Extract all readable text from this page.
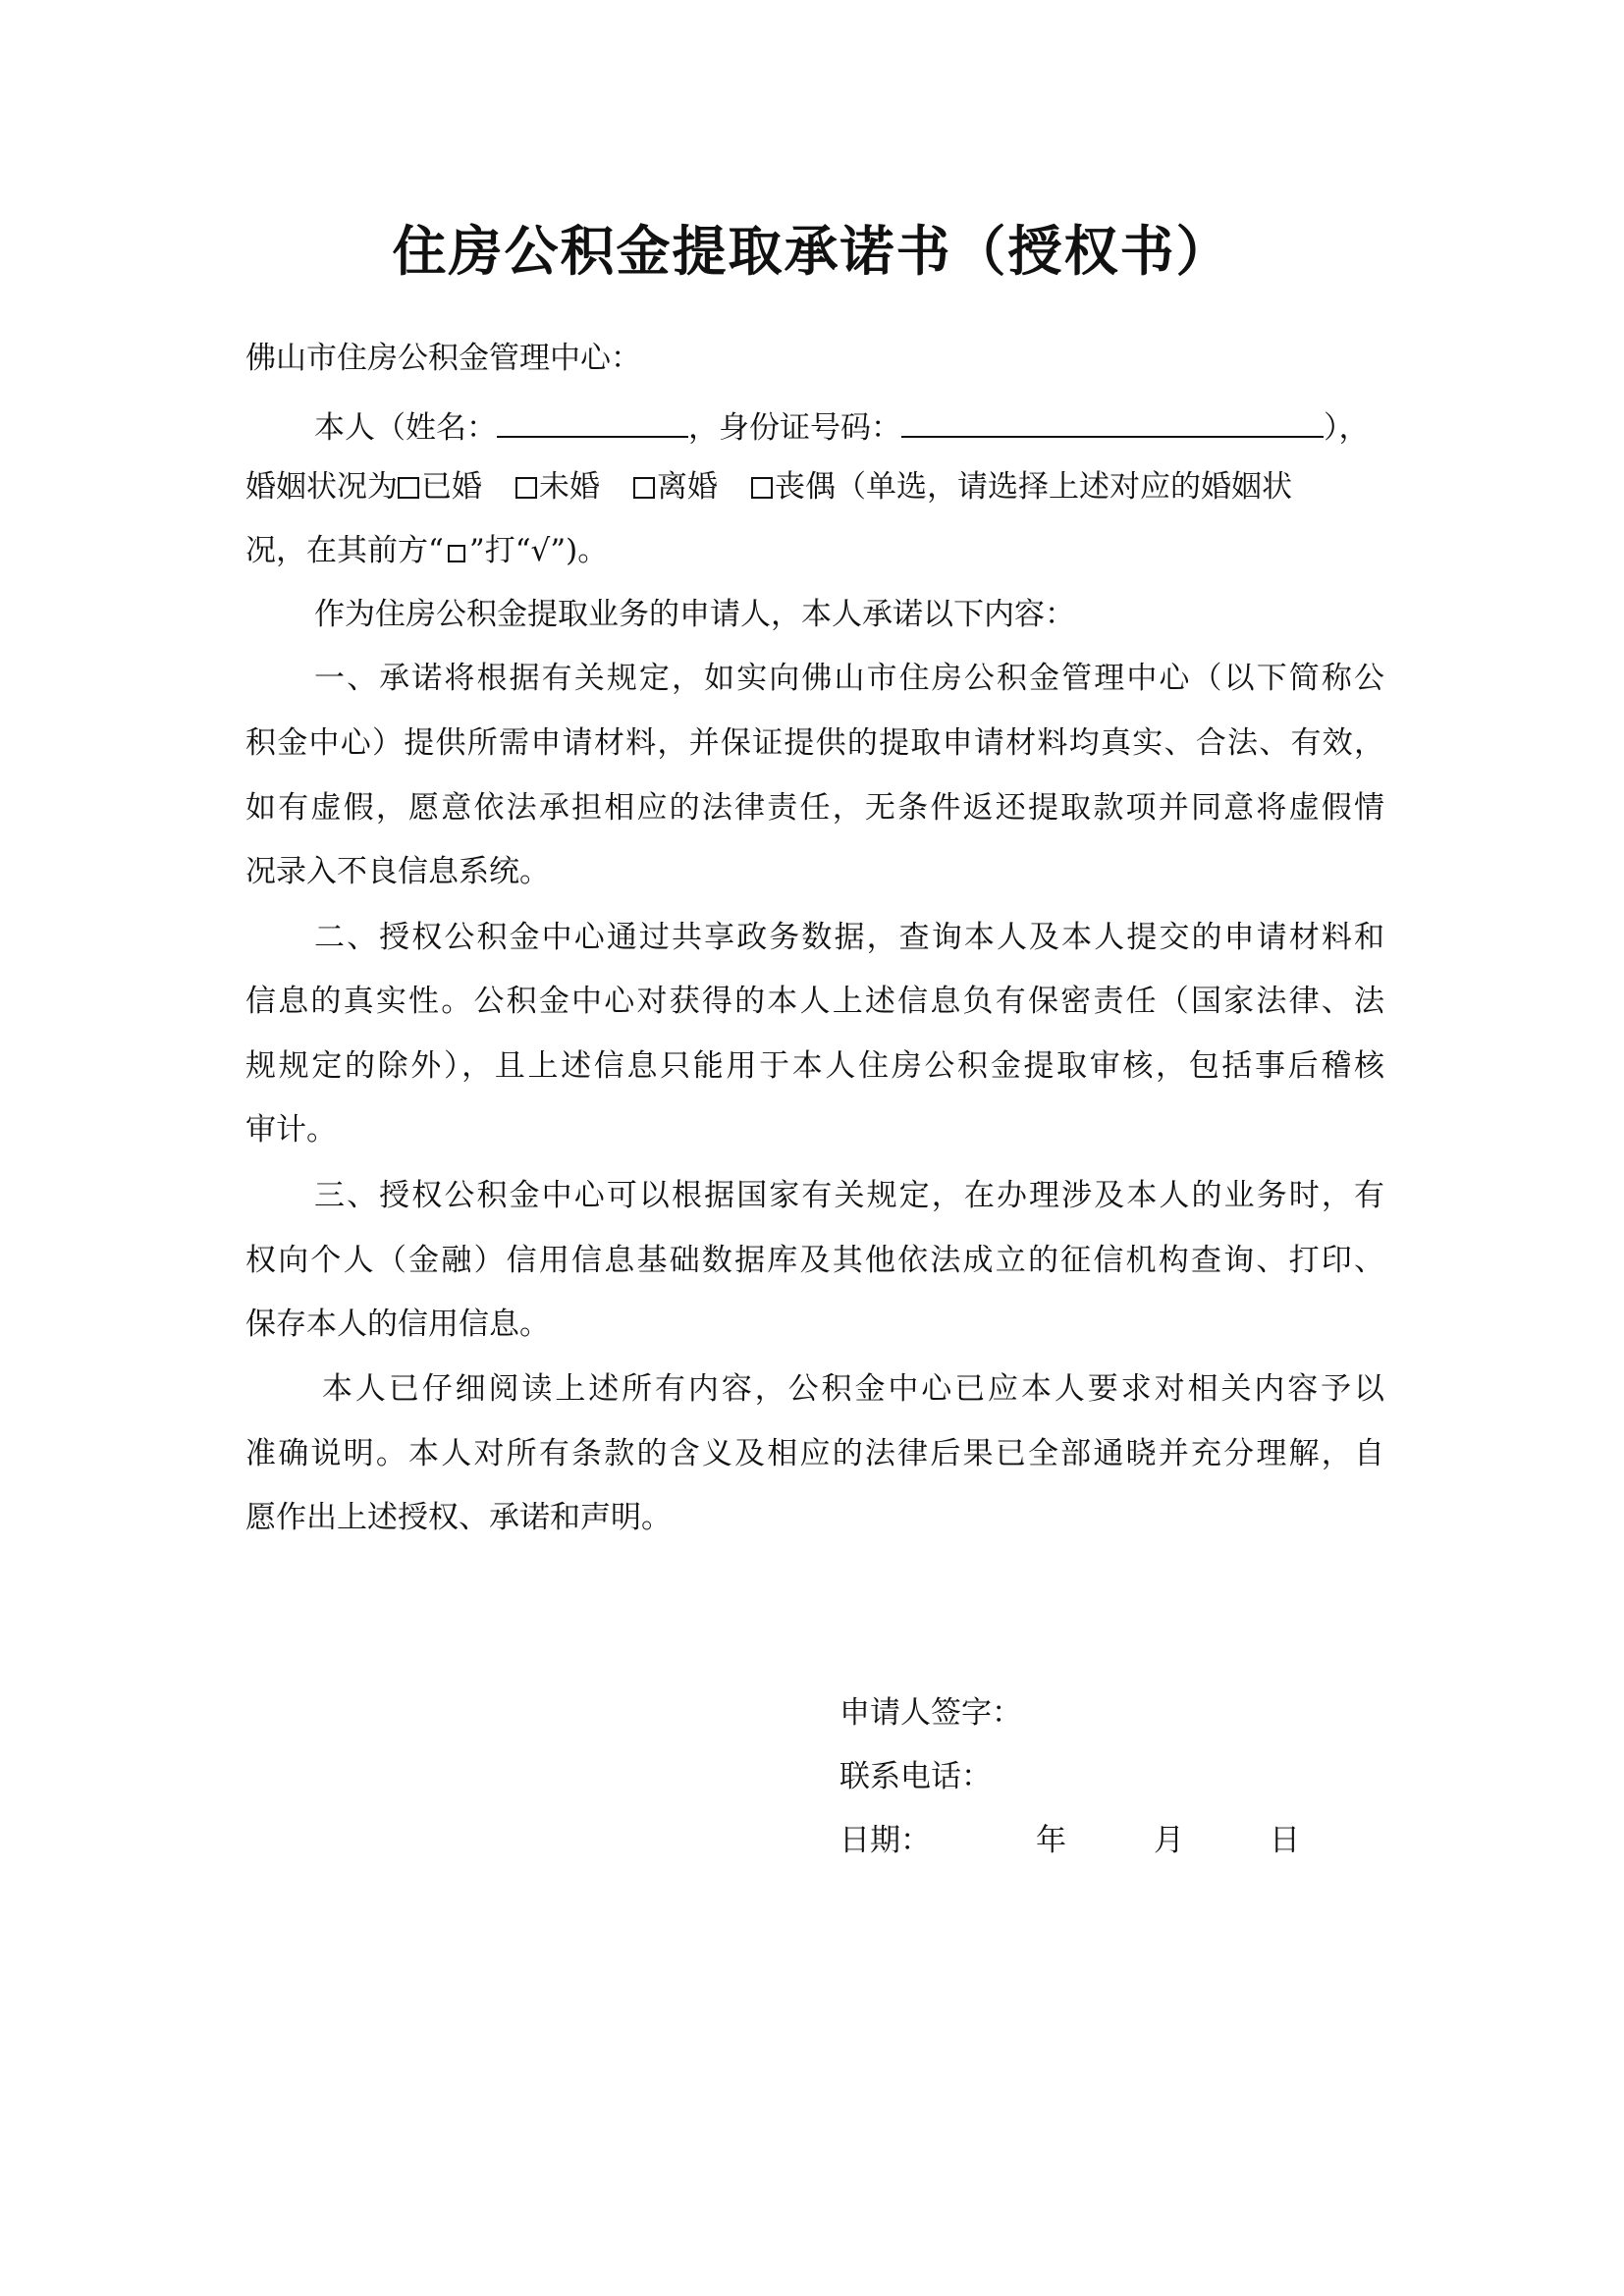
住房公积金提取承诺书（授权书）
佛山市住房公积金管理中心：
本人（姓名：	，身份证号码：	），
婚姻状况为 已婚 未婚 离婚 丧偶（单选，请选择上述对应的婚姻状
况，在其前方“ ”打“√”)。
作为住房公积金提取业务的申请人，本人承诺以下内容：
一、承诺将根据有关规定，如实向佛山市住房公积金管理中心（以下简称公
积金中心）提供所需申请材料，并保证提供的提取申请材料均真实、合法、有效，
如有虚假，愿意依法承担相应的法律责任，无条件返还提取款项并同意将虚假情
况录入不良信息系统。
二、授权公积金中心通过共享政务数据，查询本人及本人提交的申请材料和
信息的真实性。公积金中心对获得的本人上述信息负有保密责任（国家法律、法
规规定的除外），且上述信息只能用于本人住房公积金提取审核，包括事后稽核
审计。
三、授权公积金中心可以根据国家有关规定，在办理涉及本人的业务时，有
权向个人（金融）信用信息基础数据库及其他依法成立的征信机构查询、打印、
保存本人的信用信息。
本人已仔细阅读上述所有内容，公积金中心已应本人要求对相关内容予以
准确说明。本人对所有条款的含义及相应的法律后果已全部通晓并充分理解，自
愿作出上述授权、承诺和声明。
申请人签字：
联系电话：
日期：	年	月	日
